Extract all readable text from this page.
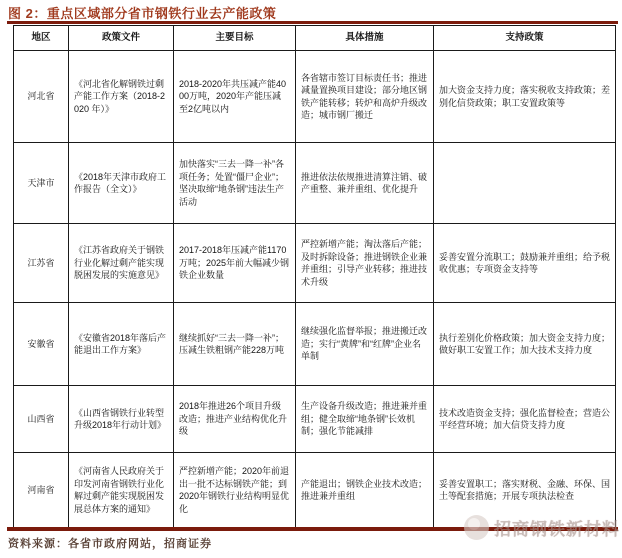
图 2：重点区域部分省市钢铁行业去产能政策
地区	政策文件	主要目标	具体措施	支持政策
河北省	《河北省化解钢铁过剩产能工作方案（2018-2020 年）》	2018-2020年共压减产能4000万吨，2020年产能压减至2亿吨以内	各省辖市签订目标责任书；推进减量置换项目建设；部分地区钢铁产能转移；转炉和高炉升级改造；城市钢厂搬迁	加大资金支持力度；落实税收支持政策；差别化信贷政策；职工安置政策等
天津市	《2018年天津市政府工作报告（全文）》	加快落实“三去一降一补”各项任务；处置“僵尸企业”；坚决取缔“地条钢”违法生产活动	推进依法依规推进清算注销、破产重整、兼并重组、优化提升	
江苏省	《江苏省政府关于钢铁行业化解过剩产能实现脱困发展的实施意见》	2017-2018年压减产能1170万吨；2025年前大幅减少钢铁企业数量	严控新增产能；淘汰落后产能；及时拆除设备；推进钢铁企业兼并重组；引导产业转移；推进技术升级	妥善安置分流职工；鼓励兼并重组；给予税收优惠；专项资金支持等
安徽省	《安徽省2018年落后产能退出工作方案》	继续抓好“三去一降一补”；压减生铁粗钢产能228万吨	继续强化监督举报；推进搬迁改造；实行“黄牌”和“红牌”企业名单制	执行差别化价格政策；加大资金支持力度；做好职工安置工作；加大技术支持力度
山西省	《山西省钢铁行业转型升级2018年行动计划》	2018年推进26个项目升级改造；推进产业结构优化升级	生产设备升级改造；推进兼并重组；健全取缔“地条钢”长效机制；强化节能减排	技术改造资金支持；强化监督检查；营造公平经营环境；加大信贷支持力度
河南省	《河南省人民政府关于印发河南省钢铁行业化解过剩产能实现脱困发展总体方案的通知》	严控新增产能；2020年前退出一批不达标钢铁产能；到2020年钢铁行业结构明显优化	产能退出；钢铁企业技术改造；推进兼并重组	妥善安置职工；落实财税、金融、环保、国土等配套措施；开展专项执法检查
资料来源：各省市政府网站，招商证券
招商钢铁新材料
